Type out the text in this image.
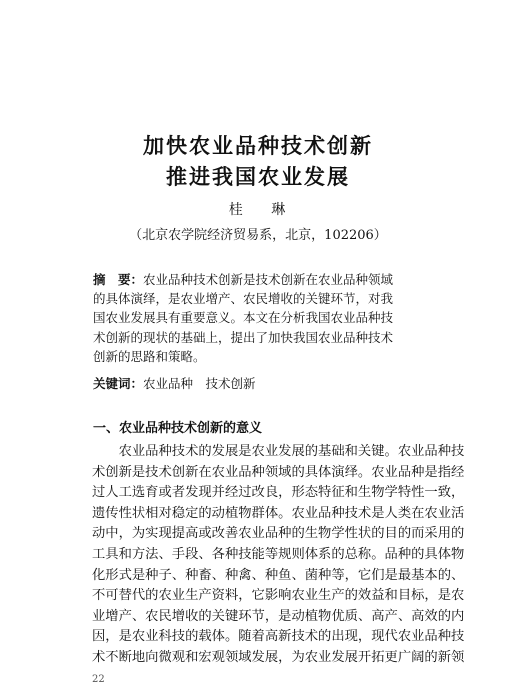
加快农业品种技术创新
推进我国农业发展
桂 琳
（北京农学院经济贸易系，北京，102206）
摘　要：农业品种技术创新是技术创新在农业品种领域
的具体演绎，是农业增产、农民增收的关键环节，对我
国农业发展具有重要意义。本文在分析我国农业品种技
术创新的现状的基础上，提出了加快我国农业品种技术
创新的思路和策略。
关键词：农业品种　技术创新
一、农业品种技术创新的意义
　　农业品种技术的发展是农业发展的基础和关键。农业品种技
术创新是技术创新在农业品种领域的具体演绎。农业品种是指经
过人工选育或者发现并经过改良，形态特征和生物学特性一致，
遗传性状相对稳定的动植物群体。农业品种技术是人类在农业活
动中，为实现提高或改善农业品种的生物学性状的目的而采用的
工具和方法、手段、各种技能等规则体系的总称。品种的具体物
化形式是种子、种畜、种禽、种鱼、菌种等，它们是最基本的、
不可替代的农业生产资料，它影响农业生产的效益和目标，是农
业增产、农民增收的关键环节，是动植物优质、高产、高效的内
因，是农业科技的载体。随着高新技术的出现，现代农业品种技
术不断地向微观和宏观领域发展，为农业发展开拓更广阔的新领
22
